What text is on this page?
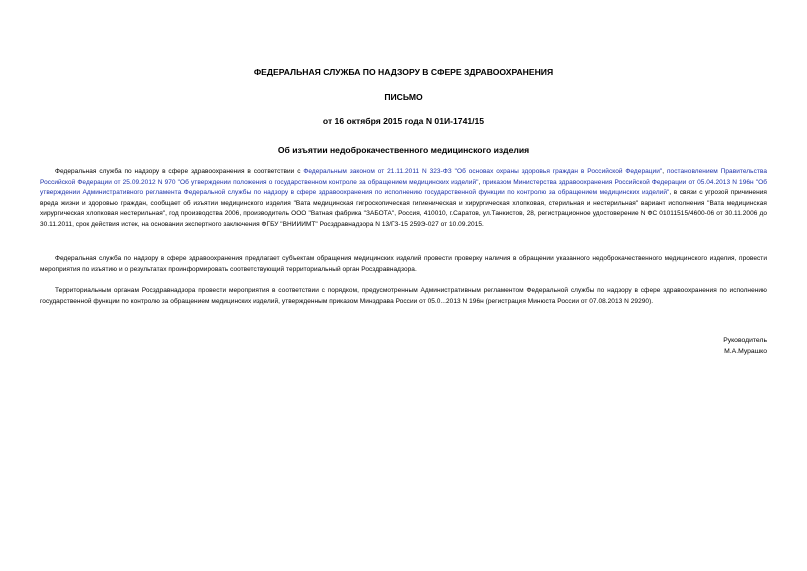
ФЕДЕРАЛЬНАЯ СЛУЖБА ПО НАДЗОРУ В СФЕРЕ ЗДРАВООХРАНЕНИЯ
ПИСЬМО
от 16 октября 2015 года N 01И-1741/15
Об изъятии недоброкачественного медицинского изделия

Федеральная служба по надзору в сфере здравоохранения в соответствии с Федеральным законом от 21.11.2011 N 323-ФЗ "Об основах охраны здоровья граждан в Российской Федерации", постановлением Правительства Российской Федерации от 25.09.2012 N 970 "Об утверждении положения о государственном контроле за обращением медицинских изделий", приказом Министерства здравоохранения Российской Федерации от 05.04.2013 N 196н "Об утверждении Административного регламента Федеральной службы по надзору в сфере здравоохранения по исполнению государственной функции по контролю за обращением медицинских изделий", в связи с угрозой причинения вреда жизни и здоровью граждан, сообщает об изъятии медицинского изделия "Вата медицинская гигроскопическая гигиеническая и хирургическая хлопковая, стерильная и нестерильная" вариант исполнения "Вата медицинская хирургическая хлопковая нестерильная", год производства 2006, производитель ООО "Ватная фабрика "ЗАБОТА", Россия, 410010, г.Саратов, ул.Танкистов, 28, регистрационное удостоверение N ФС 01011515/4600-06 от 30.11.2006 до 30.11.2011, срок действия истек, на основании экспертного заключения ФГБУ "ВНИИИМТ" Росздравнадзора N 13/ГЗ-15 259Э-027 от 10.09.2015.

Федеральная служба по надзору в сфере здравоохранения предлагает субъектам обращения медицинских изделий провести проверку наличия в обращении указанного недоброкачественного медицинского изделия, провести мероприятия по изъятию и о результатах проинформировать соответствующий территориальный орган Росздравнадзора.

Территориальным органам Росздравнадзора провести мероприятия в соответствии с порядком, предусмотренным Административным регламентом Федеральной службы по надзору в сфере здравоохранения по исполнению государственной функции по контролю за обращением медицинских изделий, утвержденным приказом Минздрава России от 05.0...2013 N 196н (регистрация Минюста России от 07.08.2013 N 29290).

Руководитель
М.А.Мурашко
